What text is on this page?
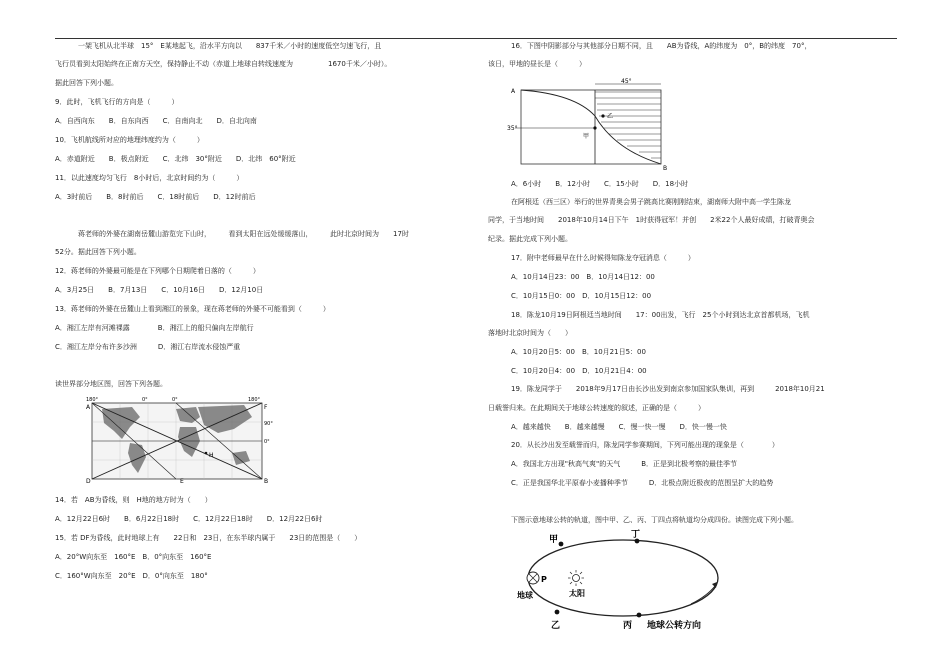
一架飞机从北半球　15°　E某地起飞，沿水平方向以　　837千米／小时的速度低空匀速飞行，且
飞行员看到太阳始终在正南方天空，保持静止不动（赤道上地球自转线速度为　　　　　1670千米／小时）。
据此回答下列小题。
9．此时，飞机飞行的方向是（　　　）
A．自西向东　　B．自东向西　　C．自南向北　　D．自北向南
10．飞机航线所对应的地理纬度约为（　　　）
A．赤道附近　　B．极点附近　　C．北纬　30°附近　　D．北纬　60°附近
11．以此速度均匀飞行　8小时后，北京时间约为（　　　）
A．3时前后　　B．8时前后　　C．18时前后　　D．12时前后
蒋老师的外婆在湖南岳麓山游览完下山时，　　　看到太阳在远处缓缓落山，　　　此时北京时间为　　17时
52分。据此回答下列小题。
12．蒋老师的外婆最可能是在下列哪个日期爬着日落的（　　　）
A．3月25日　　B．7月13日　　C．10月16日　　D．12月10日
13．蒋老师的外婆在岳麓山上看到湘江的景象，现在蒋老师的外婆不可能看到（　　　）
A．湘江左岸有河滩裸露　　　　B．湘江上的船只偏向左岸航行
C．湘江左岸分布许多沙洲　　　D．湘江右岸流水侵蚀严重
读世界部分地区图，回答下列各题。
180°	0°	0°	180°
A	F
0°
D	B
H
E
90°
14．若　AB为昏线，则　H地的地方时为（　　）
A．12月22日6时　　B．6月22日18时　　C．12月22日18时　　D．12月22日6时
15．若 DF为昏线，此时地球上有　　22日和　23日，在东半球内属于　　23日的范围是（　　）
A．20°W向东至　160°E　B．0°向东至　160°E
C．160°W向东至　20°E　D．0°向东至　180°
16．下图中阴影部分与其他部分日期不同，且　　AB为昏线，A的纬度为　0°，B的纬度　70°，
该日，甲地的昼长是（　　　）
A
B
45°
35°
甲
乙
A．6小时　　B．12小时　　C．15小时　　D．18小时
在阿根廷（西三区）举行的世界青奥会男子跳高比赛刚刚结束，湖南师大附中高一学生陈龙
同学，于当地时间　　2018年10月14日下午　1时获得冠军！并创　　2米22个人最好成绩，打破青奥会
纪录。据此完成下列小题。
17．附中老师最早在什么时候得知陈龙夺冠消息（　　　）
A．10月14日23：00　B．10月14日12：00
C．10月15日0：00　D．10月15日12：00
18．陈龙10月19日阿根廷当地时间　　17：00出发，飞行　25个小时到达北京首都机场，飞机
落地时北京时间为（　　）
A．10月20日5：00　B．10月21日5：00
C．10月20日4：00　D．10月21日4：00
19．陈龙同学于　　2018年9月17日由长沙出发到南京参加国家队集训，再到　　　2018年10月21
日载誉归来。在此期间关于地球公转速度的叙述，正确的是（　　　）
A．越来越快　　B．越来越慢　　C．慢一快一慢　　D．快一慢一快
20．从长沙出发至载誉而归，陈龙同学参赛期间，下列可能出现的现象是（　　　　）
A．我国北方出现"秋高气爽"的天气　　　B．正是到北极考察的最佳季节
C．正是我国华北平原春小麦播种季节　　　D．北极点附近极夜的范围呈扩大的趋势
下图示意地球公转的轨道，图中甲、乙、丙、丁四点将轨道均分成四份。读图完成下列小题。
甲	丁
P
地球	太阳
乙	丙 地球公转方向
